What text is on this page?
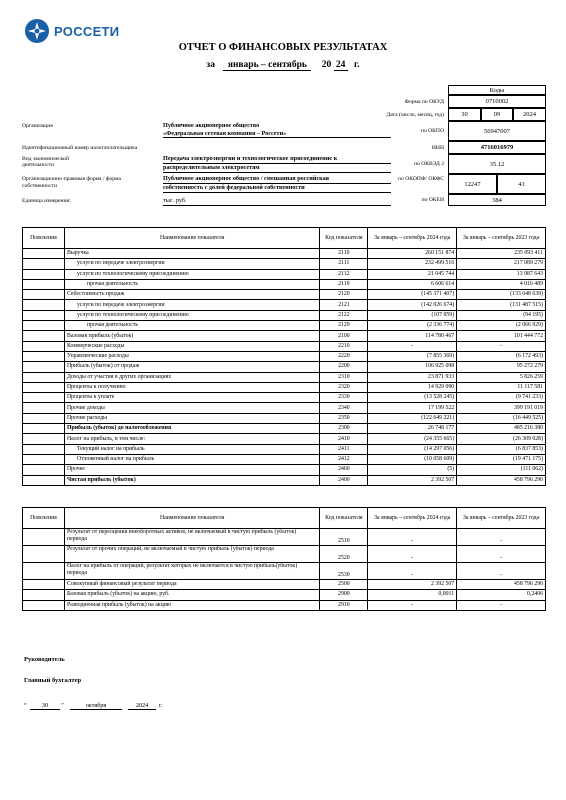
РОССЕТИ
ОТЧЕТ О ФИНАНСОВЫХ РЕЗУЛЬТАТАХ
за январь – сентябрь 20 24 г.
Коды
0710002
Форма по ОКУД
30	09	2024
Дата (число, месяц, год)
56947007
по ОКПО
4716016979
ИНН
35.12
по ОКВЭД 2
12247	41
по ОКОПФ/ ОКФС
384
по ОКЕИ
Организация	Публичное акционерное общество
«Федеральная сетевая компания – Россети»
Идентификационный номер налогоплательщика
Вид экономической
деятельности
Передача электроэнергии и технологическое присоединение к
распределительным электросетям
Организационно-правовая форма / форма
собственности
Публичное акционерное общество / смешанная российская
собственность с долей федеральной собственности
Единица измерения:	тыс. руб.
Пояснения	Наименование показателя	Код показателя	За январь – сентябрь 2024 года	За январь – сентябрь 2023 года
	Выручка	2110	260 151 874	235 093 411
	услуги по передаче электроэнергии	2111	232 499 516	217 089 279
	услуги по технологическому присоединению	2112	21 045 744	13 987 643
	прочая деятельность	2119	6 606 614	4 016 489
	Себестоимость продаж	2120	(145 371 407)	(133 648 639)
	услуги по передаче электроэнергии	2121	(142 926 674)	(131 487 515)
	услуги по технологическому присоединению	2122	(107 959)	(94 195)
	прочая деятельность	2129	(2 336 774)	(2 066 929)
	Валовая прибыль (убыток)	2100	114 780 467	101 444 772
	Коммерческие расходы	2210	-	-
	Управленческие расходы	2220	(7 855 369)	(6 172 493)
	Прибыль (убыток) от продаж	2200	106 925 098	95 272 279
	Доходы от участия в других организациях	2310	23 871 933	5 826 259
	Проценты к получению	2320	14 929 090	11 117 581
	Проценты к уплате	2330	(13 528 245)	(9 741 233)
	Прочие доходы	2340	17 199 522	399 191 019
	Прочие расходы	2350	(122 649 221)	(16 449 525)
	Прибыль (убыток) до налогообложения	2300	26 748 177	485 216 380
	Налог на прибыль, в том числе:	2410	(24 355 665)	(26 309 028)
	Текущий налог на прибыль	2411	(14 297 056)	(6 837 853)
	Отложенный налог на прибыль	2412	(10 058 609)	(19 471 175)
	Прочее	2460	(5)	(111 062)
	Чистая прибыль (убыток)	2400	2 392 507	458 796 290
Пояснения	Наименование показателя	Код показателя	За январь – сентябрь 2024 года	За январь – сентябрь 2023 года
	Результат от переоценки внеоборотных активов, не включаемый в чистую прибыль (убыток) периода	2510	-	-
	Результат от прочих операций, не включаемый в чистую прибыль (убыток) периода	2520	-	-
	Налог на прибыль от операций, результат которых не включается в чистую прибыль(убыток) периода	2530	-	-
	Совокупный финансовый результат периода	2500	2 392 507	458 796 290
	Базовая прибыль (убыток) на акцию, руб.	2900	0,0011	0,2406
	Разводненная прибыль (убыток) на акцию	2910	-	-
Руководитель
Главный бухгалтер
“	30	”	октября	2024	г.
